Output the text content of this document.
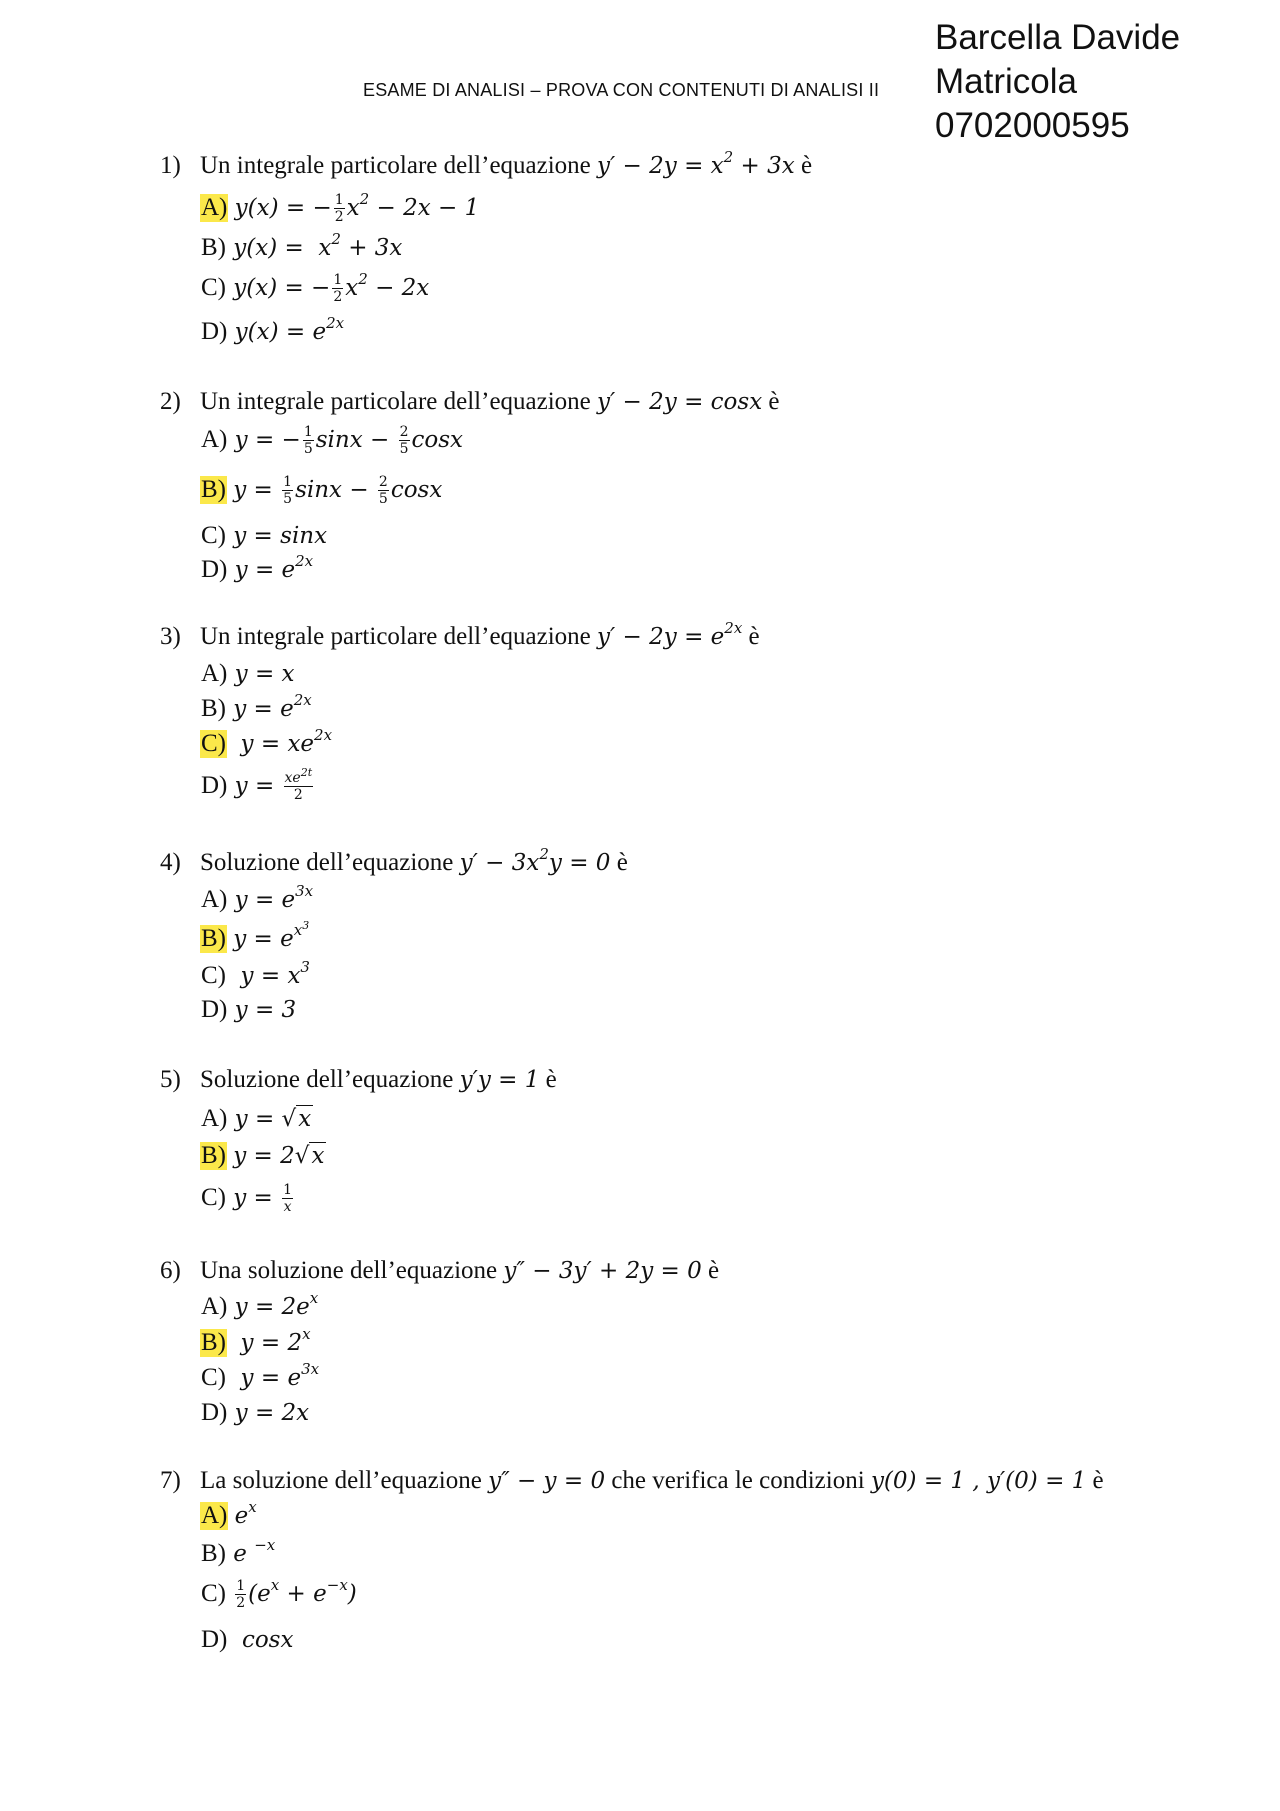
Barcella Davide
Matricola 0702000595
ESAME DI ANALISI – PROVA CON CONTENUTI DI ANALISI II
1) Un integrale particolare dell’equazione $y' - 2y = x^2 + 3x$ è
A) y(x) = − $\frac{1}{2} x^2 - 2x - 1$
B) $y(x) = x^2 + 3x$
C) y(x) = − $\frac{1}{2} x^2 - 2x$
D) $y(x) = e^{2x}$
2) Un integrale particolare dell’equazione y′ − 2y = cosx è
A) y = − $\frac{1}{5}$ $\sin x - \frac{2}{5}$ cosx
B) $y = \frac{1}{5}$ $\sin x - \frac{2}{5}$ cosx
C) y = sinx
D) $y = e^{2x}$
3) Un integrale particolare dell’equazione $y' - 2y = e^{2x}$ è
A) y = x
B) $y = e^{2x}$
C)  $y = xe^{2x}$
D) $y = \frac{xe^{2t}}{2}$
4) Soluzione dell’equazione $y' - 3x^2y = 0$ è
A) $y = e^{3x}$
B) $y = e^{x^3}$
C)  $y = x^3$
D) y = 3
5) Soluzione dell’equazione y′y = 1 è
A) y = √x
B) y = 2√x
C) $y = \frac{1}{x}$
6) Una soluzione dell’equazione y″ − 3y′ + 2y = 0 è
A) $y = 2e^x$
B)  $y = 2^x$
C)  $y = e^{3x}$
D) y = 2x
7) La soluzione dell’equazione y″ − y = 0 che verifica le condizioni y(0) = 1 , y′(0) = 1 è
A) $e^x$
B) e $^{-x}$
$C) \frac{1}{2} (e^x + e^{-x})$
D)  cosx
